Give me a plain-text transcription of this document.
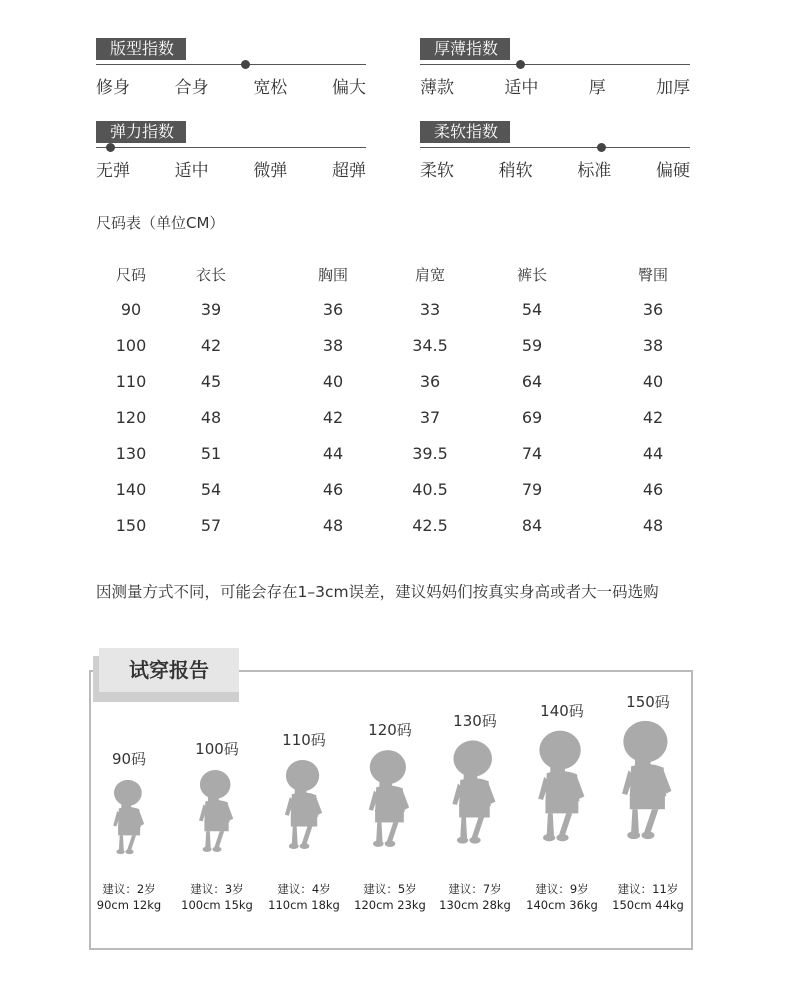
版型指数
修身	合身	宽松	偏大
厚薄指数
薄款	适中	厚	加厚
弹力指数
无弹	适中	微弹	超弹
柔软指数
柔软	稍软	标准	偏硬
尺码表（单位CM）
尺码	衣长	胸围	肩宽	裤长	臀围
90	39	36	33	54	36
100	42	38	34.5	59	38
110	45	40	36	64	40
120	48	42	37	69	42
130	51	44	39.5	74	44
140	54	46	40.5	79	46
150	57	48	42.5	84	48
因测量方式不同，可能会存在1–3cm误差，建议妈妈们按真实身高或者大一码选购
试穿报告
90码
建议：2岁
90cm 12kg
100码
建议：3岁
100cm 15kg
110码
建议：4岁
110cm 18kg
120码
建议：5岁
120cm 23kg
130码
建议：7岁
130cm 28kg
140码
建议：9岁
140cm 36kg
150码
建议：11岁
150cm 44kg
